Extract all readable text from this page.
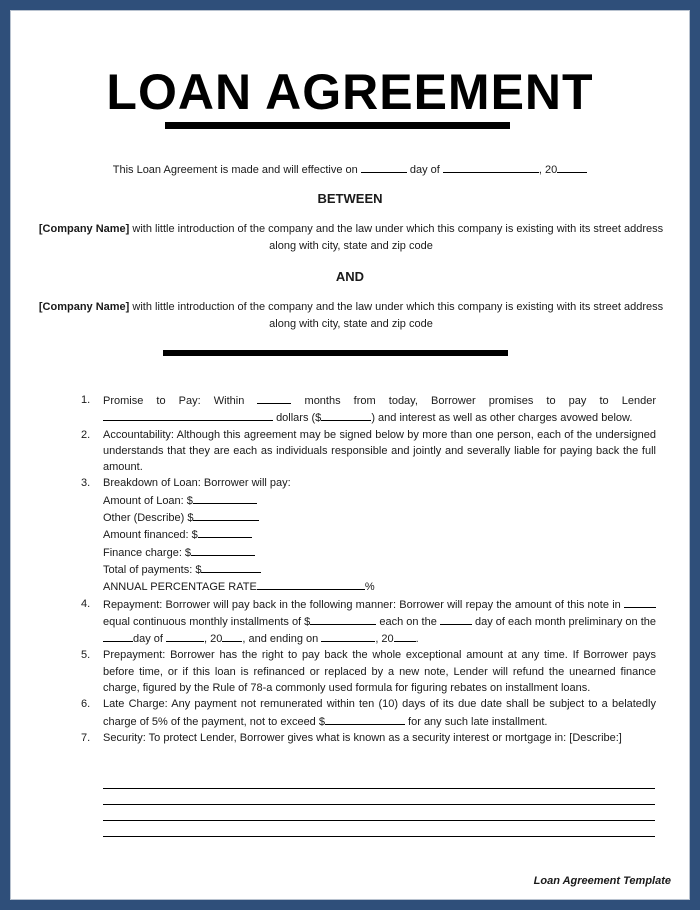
LOAN AGREEMENT
This Loan Agreement is made and will effective on	day of	, 20
BETWEEN
[Company Name] with little introduction of the company and the law under which this company is existing with its street address along with city, state and zip code
AND
[Company Name] with little introduction of the company and the law under which this company is existing with its street address along with city, state and zip code
1. Promise to Pay: Within	months from today, Borrower promises to pay to Lender dollars ($	) and interest as well as other charges avowed below.
2. Accountability: Although this agreement may be signed below by more than one person, each of the undersigned understands that they are each as individuals responsible and jointly and severally liable for paying back the full amount.
3. Breakdown of Loan: Borrower will pay:
Amount of Loan: $
Other (Describe) $
Amount financed: $
Finance charge: $
Total of payments: $
ANNUAL PERCENTAGE RATE	%
4. Repayment: Borrower will pay back in the following manner: Borrower will repay the amount of this note in equal continuous monthly installments of $	each on the	day of each month preliminary on the day of	, 20 , and ending on	, 20 .
5. Prepayment: Borrower has the right to pay back the whole exceptional amount at any time. If Borrower pays before time, or if this loan is refinanced or replaced by a new note, Lender will refund the unearned finance charge, figured by the Rule of 78-a commonly used formula for figuring rebates on installment loans.
6. Late Charge: Any payment not remunerated within ten (10) days of its due date shall be subject to a belatedly charge of 5% of the payment, not to exceed $	for any such late installment.
7. Security: To protect Lender, Borrower gives what is known as a security interest or mortgage in: [Describe:]
Loan Agreement Template
